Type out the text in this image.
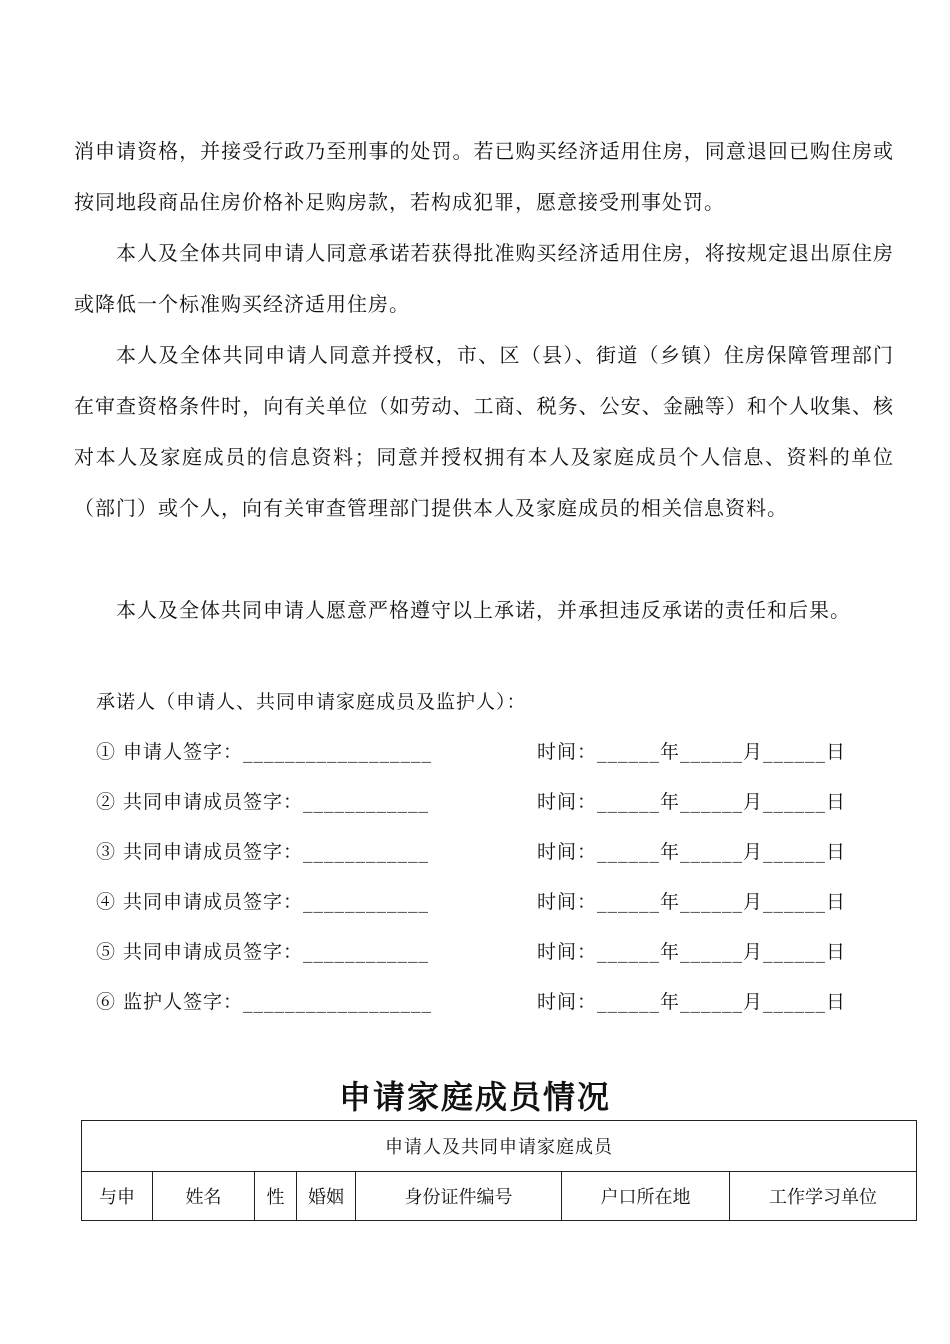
消申请资格，并接受行政乃至刑事的处罚。若已购买经济适用住房，同意退回已购住房或按同地段商品住房价格补足购房款，若构成犯罪，愿意接受刑事处罚。

本人及全体共同申请人同意承诺若获得批准购买经济适用住房，将按规定退出原住房或降低一个标准购买经济适用住房。

本人及全体共同申请人同意并授权，市、区（县）、街道（乡镇）住房保障管理部门在审查资格条件时，向有关单位（如劳动、工商、税务、公安、金融等）和个人收集、核对本人及家庭成员的信息资料；同意并授权拥有本人及家庭成员个人信息、资料的单位（部门）或个人，向有关审查管理部门提供本人及家庭成员的相关信息资料。

本人及全体共同申请人愿意严格遵守以上承诺，并承担违反承诺的责任和后果。

承诺人（申请人、共同申请家庭成员及监护人）：
① 申请人签字：__________________	时间：______年______月______日
② 共同申请成员签字：____________	时间：______年______月______日
③ 共同申请成员签字：____________	时间：______年______月______日
④ 共同申请成员签字：____________	时间：______年______月______日
⑤ 共同申请成员签字：____________	时间：______年______月______日
⑥ 监护人签字：__________________	时间：______年______月______日
申请家庭成员情况
申请人及共同申请家庭成员
与申	姓名	性	婚姻	身份证件编号	户口所在地	工作学习单位
